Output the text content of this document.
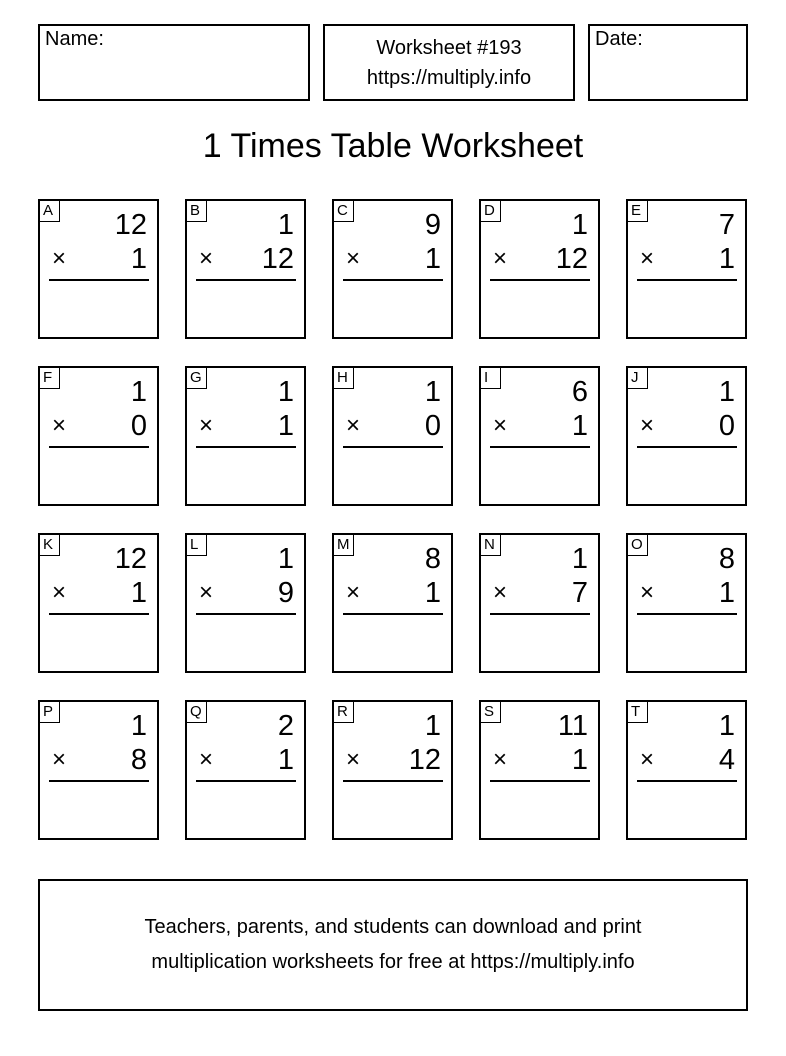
Name:	Worksheet #193
https://multiply.info
Date:
1 Times Table Worksheet
A 12
× 1
B	1
× 12
C	9
× 1
D	1
× 12
E	7
× 1
F	1
× 0
G	1
× 1
H	1
× 0
I	6
× 1
J	1
× 0
K 12
× 1
L	1
× 9
M	8
× 1
N	1
× 7
O	8
× 1
P	1
× 8
Q	2
× 1
R	1
× 12
S 11
× 1
T	1
× 4
Teachers, parents, and students can download and print
multiplication worksheets for free at https://multiply.info
